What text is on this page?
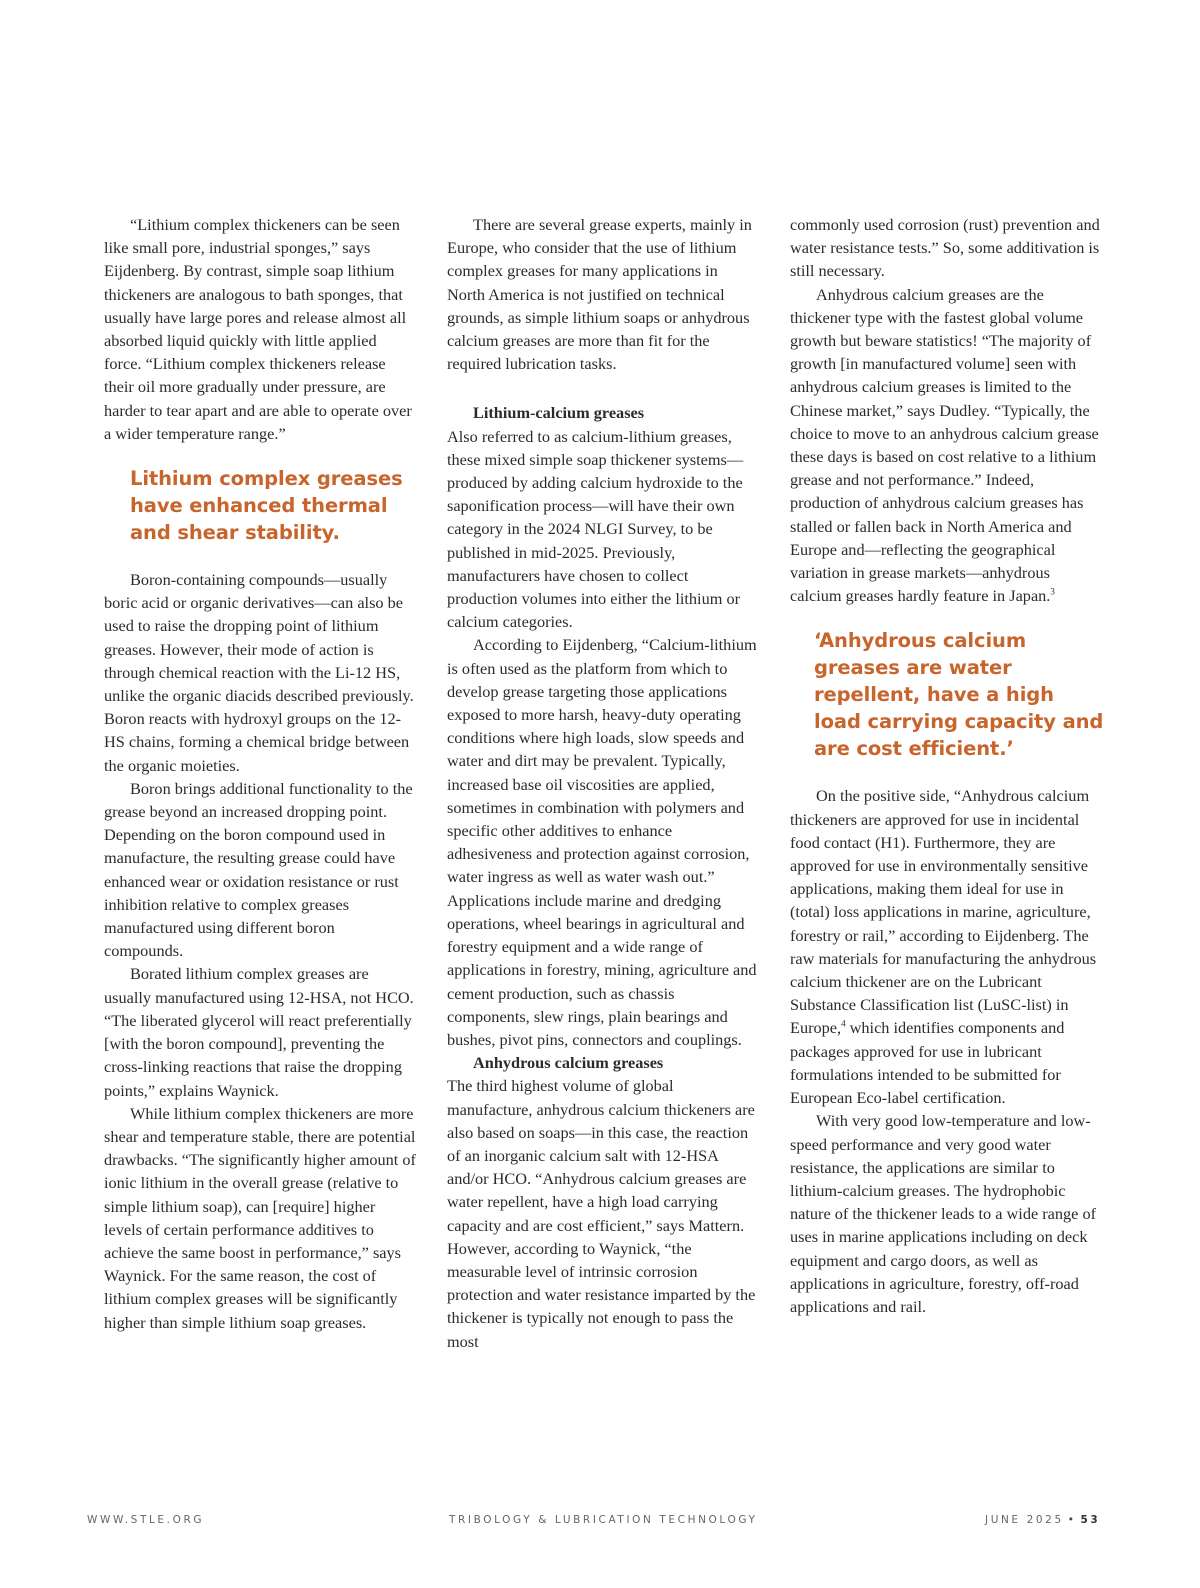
“Lithium complex thickeners can be seen like small pore, industrial sponges,” says Eijdenberg. By contrast, simple soap lithium thickeners are analogous to bath sponges, that usually have large pores and release almost all absorbed liquid quickly with little applied force. “Lithium complex thickeners release their oil more gradually under pressure, are harder to tear apart and are able to operate over a wider temperature range.”

Lithium complex greases have enhanced thermal and shear stability.

Boron-containing compounds—usually boric acid or organic derivatives—can also be used to raise the dropping point of lithium greases. However, their mode of action is through chemical reaction with the Li-12 HS, unlike the organic diacids described previously. Boron reacts with hydroxyl groups on the 12-HS chains, forming a chemical bridge between the organic moieties.

Boron brings additional functionality to the grease beyond an increased dropping point. Depending on the boron compound used in manufacture, the resulting grease could have enhanced wear or oxidation resistance or rust inhibition relative to complex greases manufactured using different boron compounds.

Borated lithium complex greases are usually manufactured using 12-HSA, not HCO. “The liberated glycerol will react preferentially [with the boron compound], preventing the cross-linking reactions that raise the dropping points,” explains Waynick.

While lithium complex thickeners are more shear and temperature stable, there are potential drawbacks. “The significantly higher amount of ionic lithium in the overall grease (relative to simple lithium soap), can [require] higher levels of certain performance additives to achieve the same boost in performance,” says Waynick. For the same reason, the cost of lithium complex greases will be significantly higher than simple lithium soap greases.

There are several grease experts, mainly in Europe, who consider that the use of lithium complex greases for many applications in North America is not justified on technical grounds, as simple lithium soaps or anhydrous calcium greases are more than fit for the required lubrication tasks.

Lithium-calcium greases

Also referred to as calcium-lithium greases, these mixed simple soap thickener systems—produced by adding calcium hydroxide to the saponification process—will have their own category in the 2024 NLGI Survey, to be published in mid-2025. Previously, manufacturers have chosen to collect production volumes into either the lithium or calcium categories.

According to Eijdenberg, “Calcium-lithium is often used as the platform from which to develop grease targeting those applications exposed to more harsh, heavy-duty operating conditions where high loads, slow speeds and water and dirt may be prevalent. Typically, increased base oil viscosities are applied, sometimes in combination with polymers and specific other additives to enhance adhesiveness and protection against corrosion, water ingress as well as water wash out.” Applications include marine and dredging operations, wheel bearings in agricultural and forestry equipment and a wide range of applications in forestry, mining, agriculture and cement production, such as chassis components, slew rings, plain bearings and bushes, pivot pins, connectors and couplings.

Anhydrous calcium greases

The third highest volume of global manufacture, anhydrous calcium thickeners are also based on soaps—in this case, the reaction of an inorganic calcium salt with 12-HSA and/or HCO. “Anhydrous calcium greases are water repellent, have a high load carrying capacity and are cost efficient,” says Mattern. However, according to Waynick, “the measurable level of intrinsic corrosion protection and water resistance imparted by the thickener is typically not enough to pass the most

commonly used corrosion (rust) prevention and water resistance tests.” So, some additivation is still necessary.

Anhydrous calcium greases are the thickener type with the fastest global volume growth but beware statistics! “The majority of growth [in manufactured volume] seen with anhydrous calcium greases is limited to the Chinese market,” says Dudley. “Typically, the choice to move to an anhydrous calcium grease these days is based on cost relative to a lithium grease and not performance.” Indeed, production of anhydrous calcium greases has stalled or fallen back in North America and Europe and—reflecting the geographical variation in grease markets—anhydrous calcium greases hardly feature in Japan.$^3$

‘Anhydrous calcium greases are water repellent, have a high load carrying capacity and are cost efficient.’

On the positive side, “Anhydrous calcium thickeners are approved for use in incidental food contact (H1). Furthermore, they are approved for use in environmentally sensitive applications, making them ideal for use in (total) loss applications in marine, agriculture, forestry or rail,” according to Eijdenberg. The raw materials for manufacturing the anhydrous calcium thickener are on the Lubricant Substance Classification list (LuSC-list) in Europe,$^4$ which identifies components and packages approved for use in lubricant formulations intended to be submitted for European Eco-label certification.

With very good low-temperature and low-speed performance and very good water resistance, the applications are similar to lithium-calcium greases. The hydrophobic nature of the thickener leads to a wide range of uses in marine applications including on deck equipment and cargo doors, as well as applications in agriculture, forestry, off-road applications and rail.

WWW.STLE.ORG	TRIBOLOGY & LUBRICATION TECHNOLOGY	JUNE 2025 • 53
